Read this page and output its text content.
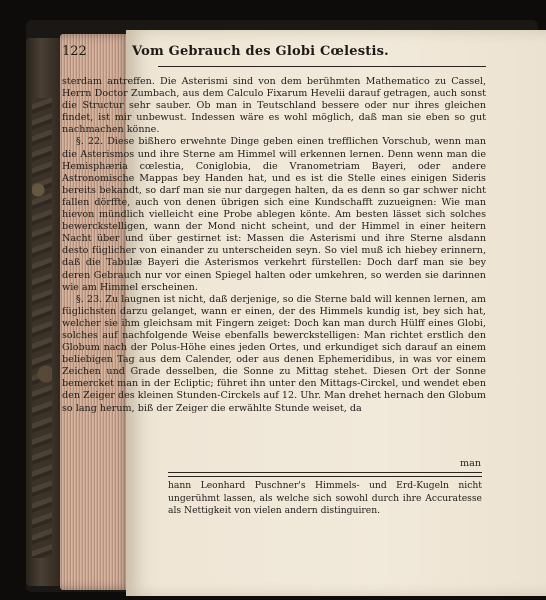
122	Vom Gebrauch des Globi Cœlestis.

sterdam antreffen. Die Asterismi sind von dem berühmten Mathematico zu Cassel, Herrn Doctor Zumbach, aus dem Calculo Fixarum Hevelii darauf getragen, auch sonst die Structur sehr sauber. Ob man in Teutschland bessere oder nur ihres gleichen findet, ist mir unbewust. Indessen wäre es wohl möglich, daß man sie eben so gut nachmachen könne.

§. 22. Diese bißhero erwehnte Dinge geben einen trefflichen Vorschub, wenn man die Asterismos und ihre Sterne am Himmel will erkennen lernen. Denn wenn man die Hemisphæria cœlestia, Coniglobia, die Vranometriam Bayeri, oder andere Astronomische Mappas bey Handen hat, und es ist die Stelle eines einigen Sideris bereits bekandt, so darf man sie nur dargegen halten, da es denn so gar schwer nicht fallen dörffte, auch von denen übrigen sich eine Kundschafft zuzueignen: Wie man hievon mündlich vielleicht eine Probe ablegen könte. Am besten lässet sich solches bewerckstelligen, wann der Mond nicht scheint, und der Himmel in einer heitern Nacht über und über gestirnet ist: Massen die Asterismi und ihre Sterne alsdann desto füglicher von einander zu unterscheiden seyn. So viel muß ich hiebey erinnern, daß die Tabulæ Bayeri die Asterismos verkehrt fürstellen: Doch darf man sie bey deren Gebrauch nur vor einen Spiegel halten oder umkehren, so werden sie darinnen wie am Himmel erscheinen.

§. 23. Zu laugnen ist nicht, daß derjenige, so die Sterne bald will kennen lernen, am füglichsten darzu gelanget, wann er einen, der des Himmels kundig ist, bey sich hat, welcher sie ihm gleichsam mit Fingern zeiget: Doch kan man durch Hülff eines Globi, solches auf nachfolgende Weise ebenfalls bewerckstelligen: Man richtet erstlich den Globum nach der Polus-Höhe eines jeden Ortes, und erkundiget sich darauf an einem beliebigen Tag aus dem Calender, oder aus denen Ephemeridibus, in was vor einem Zeichen und Grade desselben, die Sonne zu Mittag stehet. Diesen Ort der Sonne bemercket man in der Ecliptic; führet ihn unter den Mittags-Circkel, und wendet eben den Zeiger des kleinen Stunden-Circkels auf 12. Uhr. Man drehet hernach den Globum so lang herum, biß der Zeiger die erwählte Stunde weiset, da

man
hann Leonhard Puschner's Himmels- und Erd-Kugeln nicht ungerühmt lassen, als welche sich sowohl durch ihre Accuratesse als Nettigkeit von vielen andern distinguiren.
